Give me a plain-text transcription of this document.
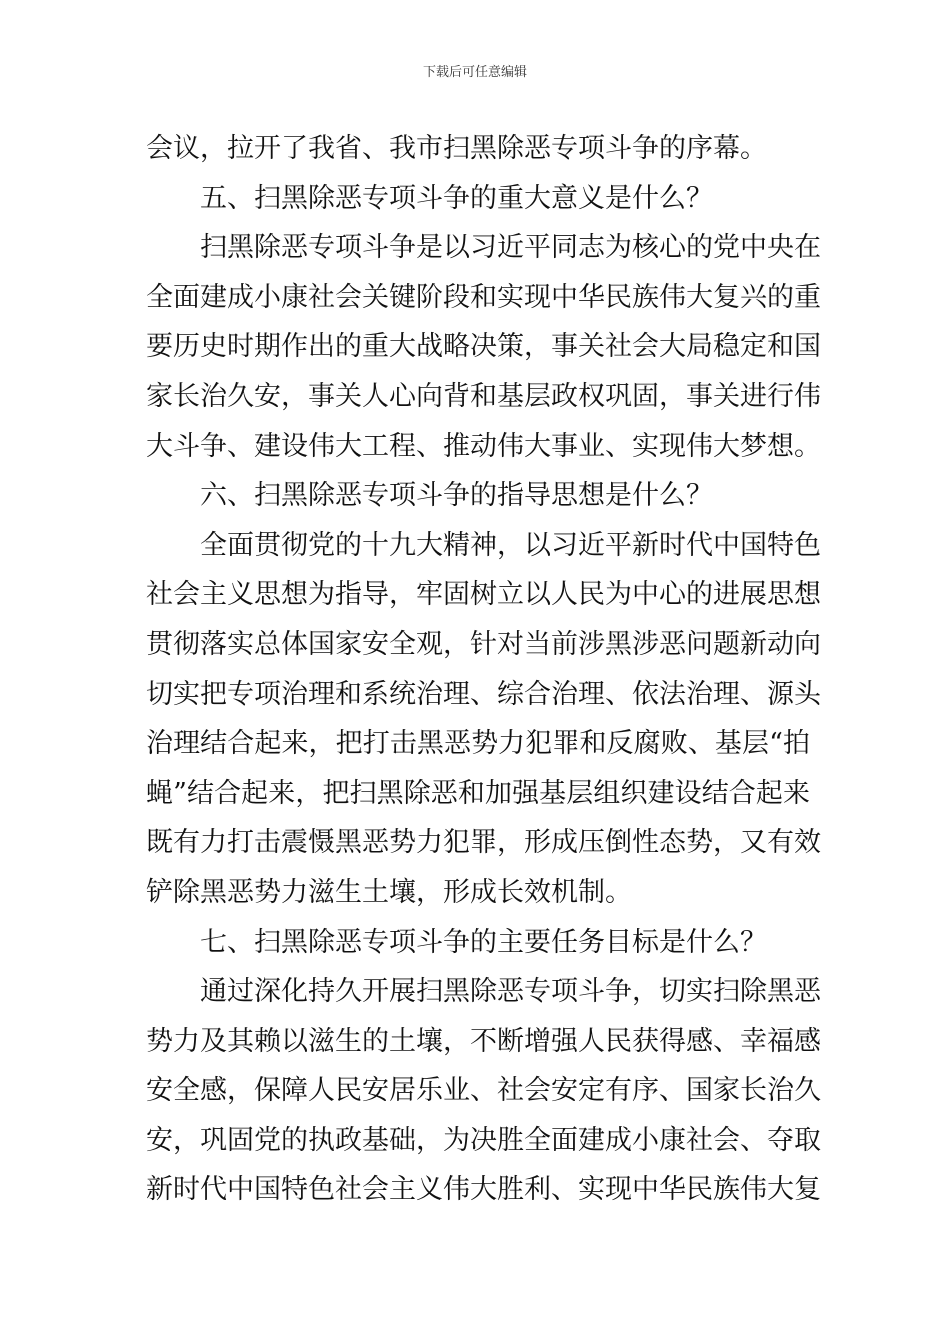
下载后可任意编辑
会议，拉开了我省、我市扫黑除恶专项斗争的序幕。
五、扫黑除恶专项斗争的重大意义是什么？
扫黑除恶专项斗争是以习近平同志为核心的党中央在
全面建成小康社会关键阶段和实现中华民族伟大复兴的重
要历史时期作出的重大战略决策，事关社会大局稳定和国
家长治久安，事关人心向背和基层政权巩固，事关进行伟
大斗争、建设伟大工程、推动伟大事业、实现伟大梦想。
六、扫黑除恶专项斗争的指导思想是什么？
全面贯彻党的十九大精神，以习近平新时代中国特色
社会主义思想为指导，牢固树立以人民为中心的进展思想
贯彻落实总体国家安全观，针对当前涉黑涉恶问题新动向
切实把专项治理和系统治理、综合治理、依法治理、源头
治理结合起来，把打击黑恶势力犯罪和反腐败、基层“拍
蝇”结合起来，把扫黑除恶和加强基层组织建设结合起来
既有力打击震慑黑恶势力犯罪，形成压倒性态势，又有效
铲除黑恶势力滋生土壤，形成长效机制。
七、扫黑除恶专项斗争的主要任务目标是什么？
通过深化持久开展扫黑除恶专项斗争，切实扫除黑恶
势力及其赖以滋生的土壤，不断增强人民获得感、幸福感
安全感，保障人民安居乐业、社会安定有序、国家长治久
安，巩固党的执政基础，为决胜全面建成小康社会、夺取
新时代中国特色社会主义伟大胜利、实现中华民族伟大复
